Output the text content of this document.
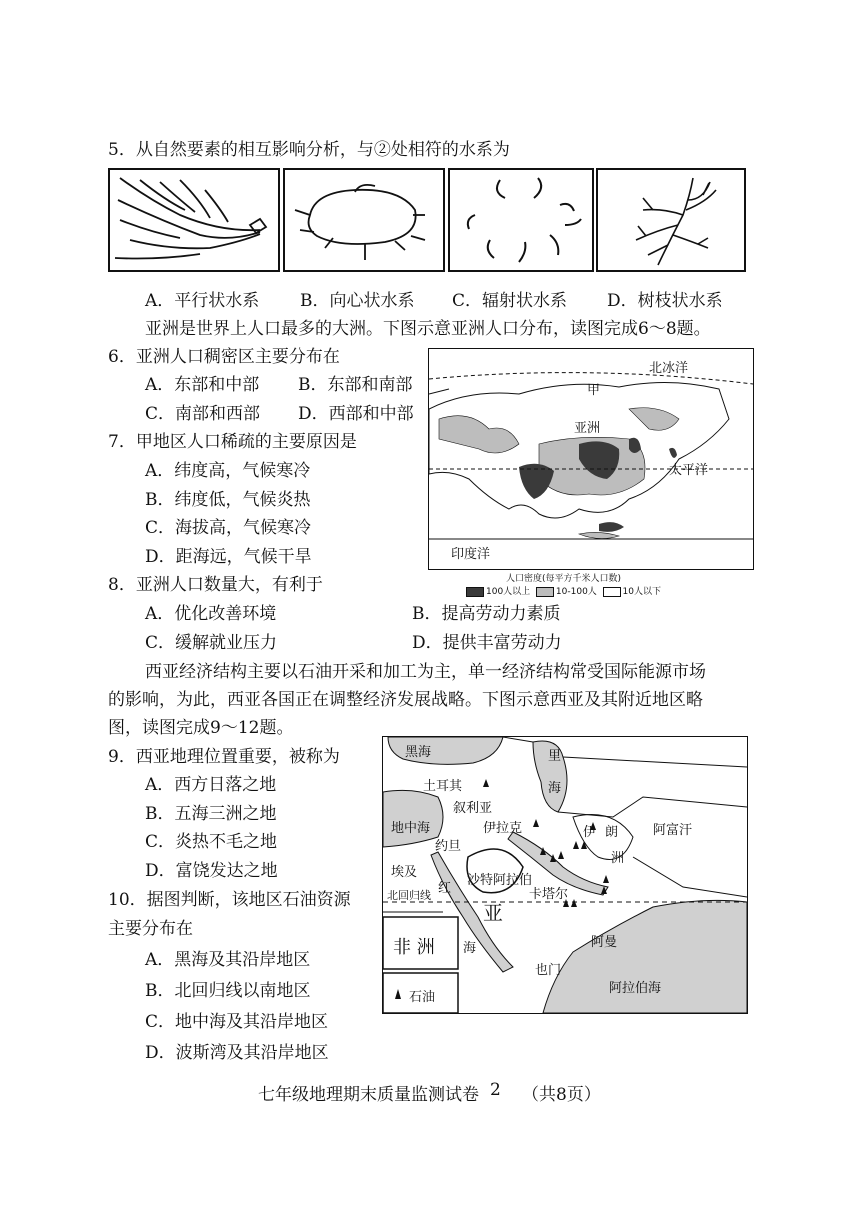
5．从自然要素的相互影响分析，与②处相符的水系为
A．平行状水系 B．向心状水系 C．辐射状水系 D．树枝状水系
亚洲是世界上人口最多的大洲。下图示意亚洲人口分布，读图完成6～8题。
6．亚洲人口稠密区主要分布在
A．东部和中部 B．东部和南部
C．南部和西部 D．西部和中部
7．甲地区人口稀疏的主要原因是
A．纬度高，气候寒冷
B．纬度低，气候炎热
C．海拔高，气候寒冷
D．距海远，气候干旱
8．亚洲人口数量大，有利于
A．优化改善环境	B．提高劳动力素质
C．缓解就业压力	D．提供丰富劳动力
北冰洋
甲
亚洲
太平洋
印度洋
人口密度(每平方千米人口数)
100人以上	10-100人	10人以下
西亚经济结构主要以石油开采和加工为主，单一经济结构常受国际能源市场
的影响，为此，西亚各国正在调整经济发展战略。下图示意西亚及其附近地区略
图，读图完成9～12题。
9．西亚地理位置重要，被称为
A．西方日落之地
B．五海三洲之地
C．炎热不毛之地
D．富饶发达之地
10．据图判断，该地区石油资源
主要分布在
A．黑海及其沿岸地区
B．北回归线以南地区
C．地中海及其沿岸地区
D．波斯湾及其沿岸地区
黑海	里
海
土耳其
叙利亚
伊拉克
地中海
约旦
伊 朗
洲
阿富汗
埃及
沙特阿拉伯
卡塔尔
红
海
北回归线
亚
非 洲	阿曼
也门
阿拉伯海
石油
七年级地理期末质量监测试卷 2 （共8页）
